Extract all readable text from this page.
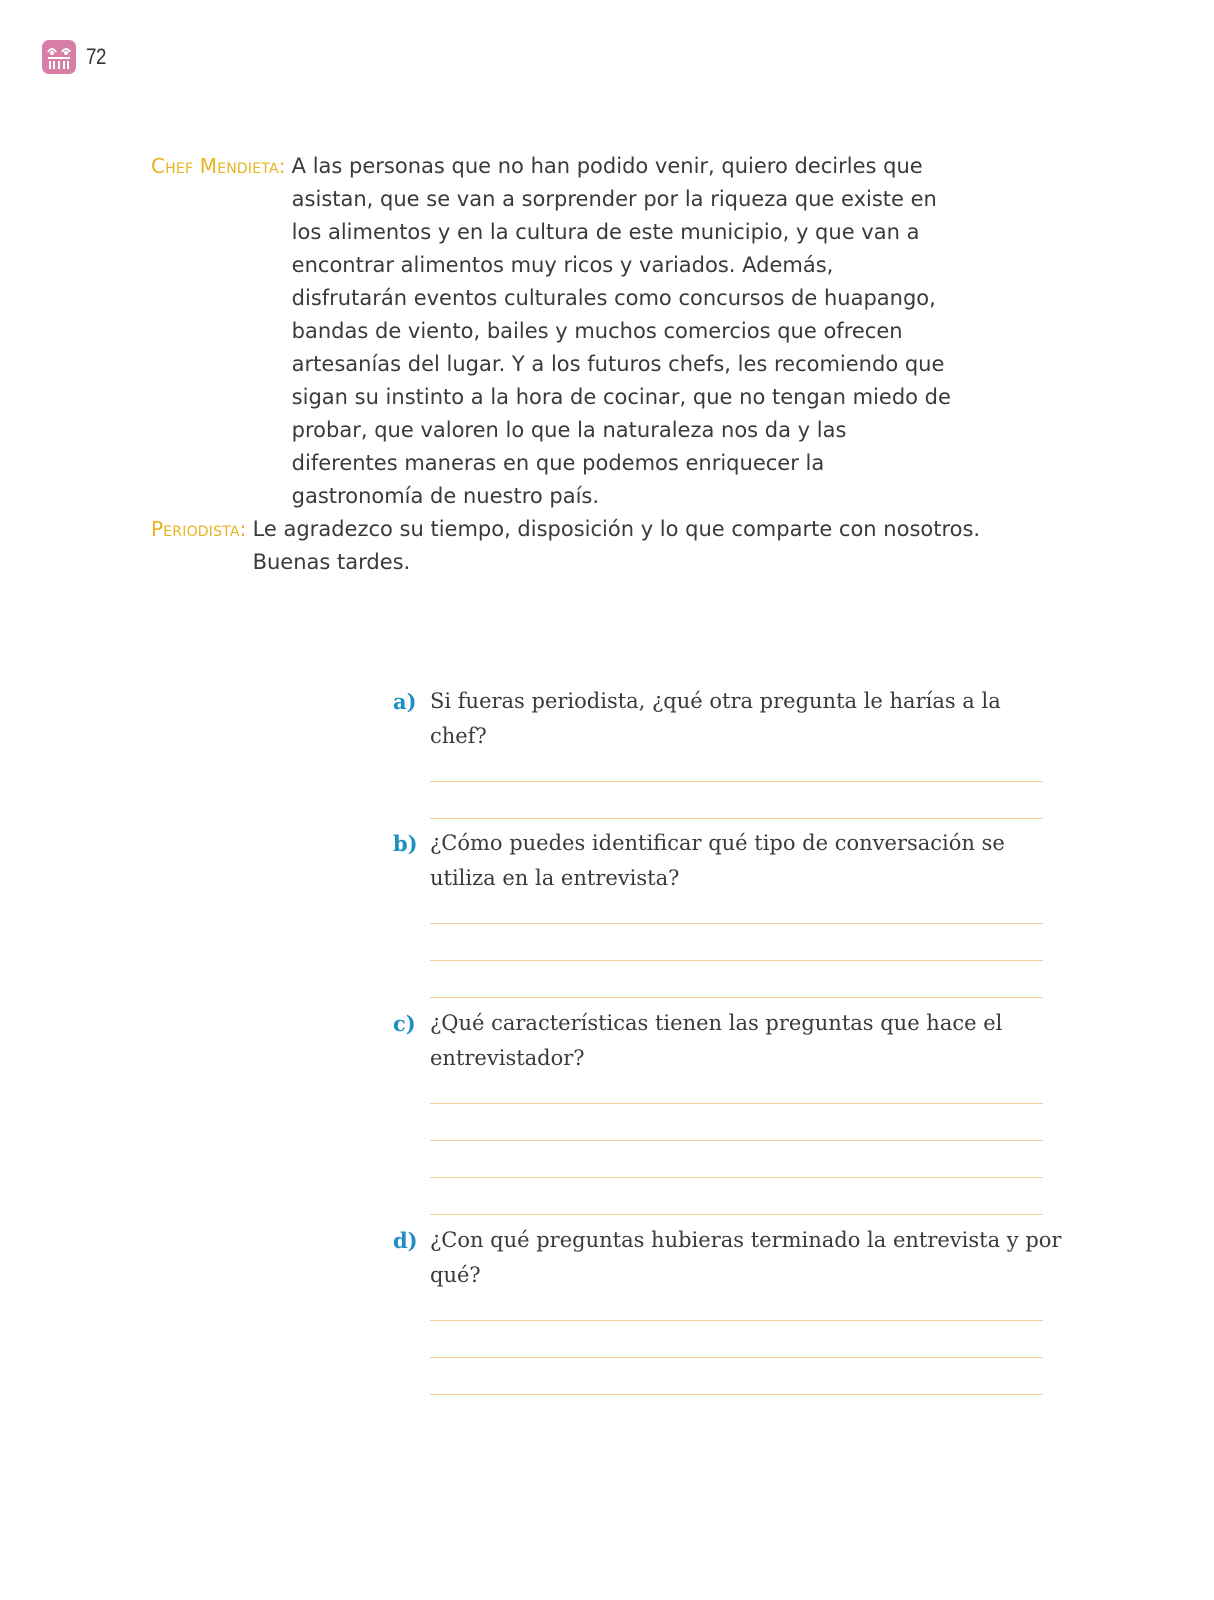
72
Chef Mendieta: A las personas que no han podido venir, quiero decirles que asistan, que se van a sorprender por la riqueza que existe en los alimentos y en la cultura de este municipio, y que van a encontrar alimentos muy ricos y variados. Además, disfrutarán eventos culturales como concursos de huapango, bandas de viento, bailes y muchos comercios que ofrecen artesanías del lugar. Y a los futuros chefs, les recomiendo que sigan su instinto a la hora de cocinar, que no tengan miedo de probar, que valoren lo que la naturaleza nos da y las diferentes maneras en que podemos enriquecer la gastronomía de nuestro país.

Periodista: Le agradezco su tiempo, disposición y lo que comparte con nosotros. Buenas tardes.

a) Si fueras periodista, ¿qué otra pregunta le harías a la chef?
b) ¿Cómo puedes identificar qué tipo de conversación se utiliza en la entrevista?
c) ¿Qué características tienen las preguntas que hace el entrevistador?
d) ¿Con qué preguntas hubieras terminado la entrevista y por qué?
